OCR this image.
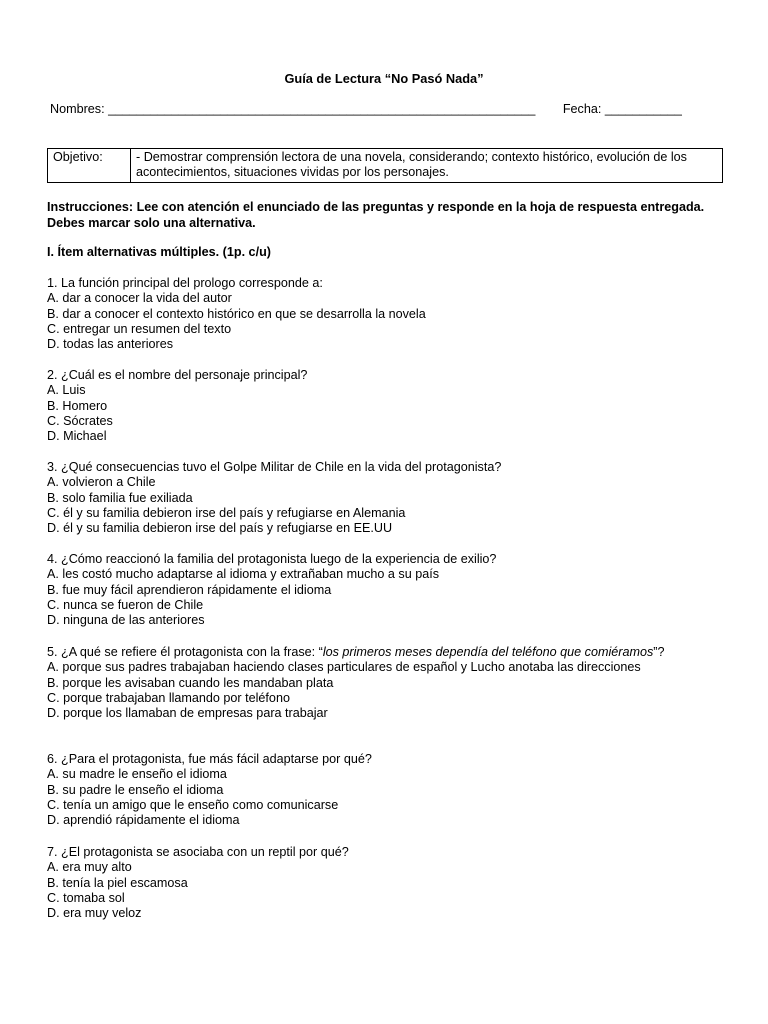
Guía de Lectura “No Pasó Nada”
Nombres: _____________________________________________________________ Fecha: ___________
Objetivo:	- Demostrar comprensión lectora de una novela, considerando; contexto histórico, evolución de los acontecimientos, situaciones vividas por los personajes.
Instrucciones: Lee con atención el enunciado de las preguntas y responde en la hoja de respuesta entregada. Debes marcar solo una alternativa.
I. Ítem alternativas múltiples. (1p. c/u)
1. La función principal del prologo corresponde a:
A. dar a conocer la vida del autor
B. dar a conocer el contexto histórico en que se desarrolla la novela
C. entregar un resumen del texto
D. todas las anteriores
2. ¿Cuál es el nombre del personaje principal?
A. Luis
B. Homero
C. Sócrates
D. Michael
3. ¿Qué consecuencias tuvo el Golpe Militar de Chile en la vida del protagonista?
A. volvieron a Chile
B. solo familia fue exiliada
C. él y su familia debieron irse del país y refugiarse en Alemania
D. él y su familia debieron irse del país y refugiarse en EE.UU
4. ¿Cómo reaccionó la familia del protagonista luego de la experiencia de exilio?
A. les costó mucho adaptarse al idioma y extrañaban mucho a su país
B. fue muy fácil aprendieron rápidamente el idioma
C. nunca se fueron de Chile
D. ninguna de las anteriores
5. ¿A qué se refiere él protagonista con la frase: “los primeros meses dependía del teléfono que comiéramos”?
A. porque sus padres trabajaban haciendo clases particulares de español y Lucho anotaba las direcciones
B. porque les avisaban cuando les mandaban plata
C. porque trabajaban llamando por teléfono
D. porque los llamaban de empresas para trabajar
6. ¿Para el protagonista, fue más fácil adaptarse por qué?
A. su madre le enseño el idioma
B. su padre le enseño el idioma
C. tenía un amigo que le enseño como comunicarse
D. aprendió rápidamente el idioma
7. ¿El protagonista se asociaba con un reptil por qué?
A. era muy alto
B. tenía la piel escamosa
C. tomaba sol
D. era muy veloz
